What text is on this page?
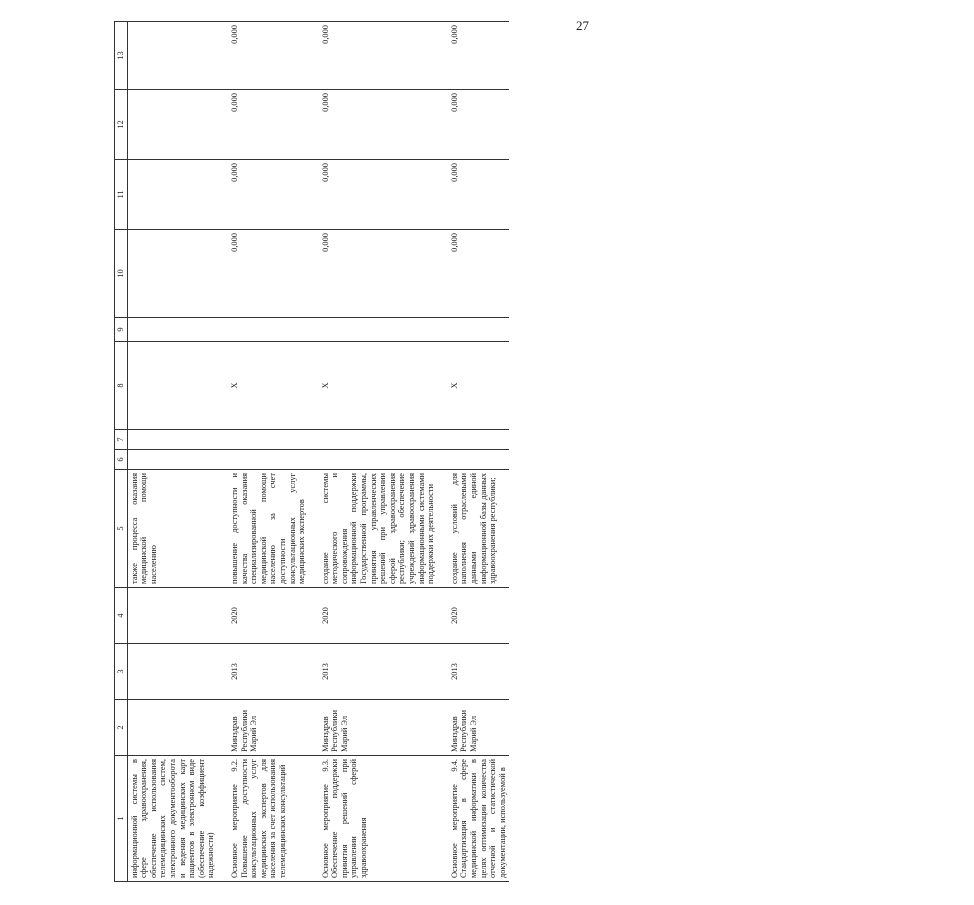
27
1	2	3	4	5	6	7	8	9	10	11	12	13
информационной системы в сфере здравоохранения, обеспечение использования телемедицинских систем, электронного документооборота и ведения медицинских карт пациентов в электронном виде (обеспечение коэффициент надежности)				также процесса оказания медицинской помощи населению								
Основное мероприятие 9.2. Повышение доступности консультационных услуг медицинских экспертов для населения за счет использования телемедицинских консультаций	Минздрав Республики Марий Эл	2013	2020	повышение доступности и качества оказания специализированной медицинской помощи населению за счет доступности консультационных услуг медицинских экспертов			X		0,000	0,000	0,000	0,000
Основное мероприятие 9.3. Обеспечение поддержки принятия решений при управлении сферой здравоохранения	Минздрав Республики Марий Эл	2013	2020	создание системы методического и сопровождения информационной поддержки Государственной программы, принятия управленческих решений при управлении сферой здравоохранения республики; обеспечение учреждений здравоохранения информационными системами поддержки их деятельности			X		0,000	0,000	0,000	0,000
Основное мероприятие 9.4. Стандартизация в сфере медицинской информатики в целях оптимизации количества отчетной и статистической документации, используемой в	Минздрав Республики Марий Эл	2013	2020	создание условий для наполнения отраслевыми данными единой информационной базы данных здравоохранения республики;			X		0,000	0,000	0,000	0,000
